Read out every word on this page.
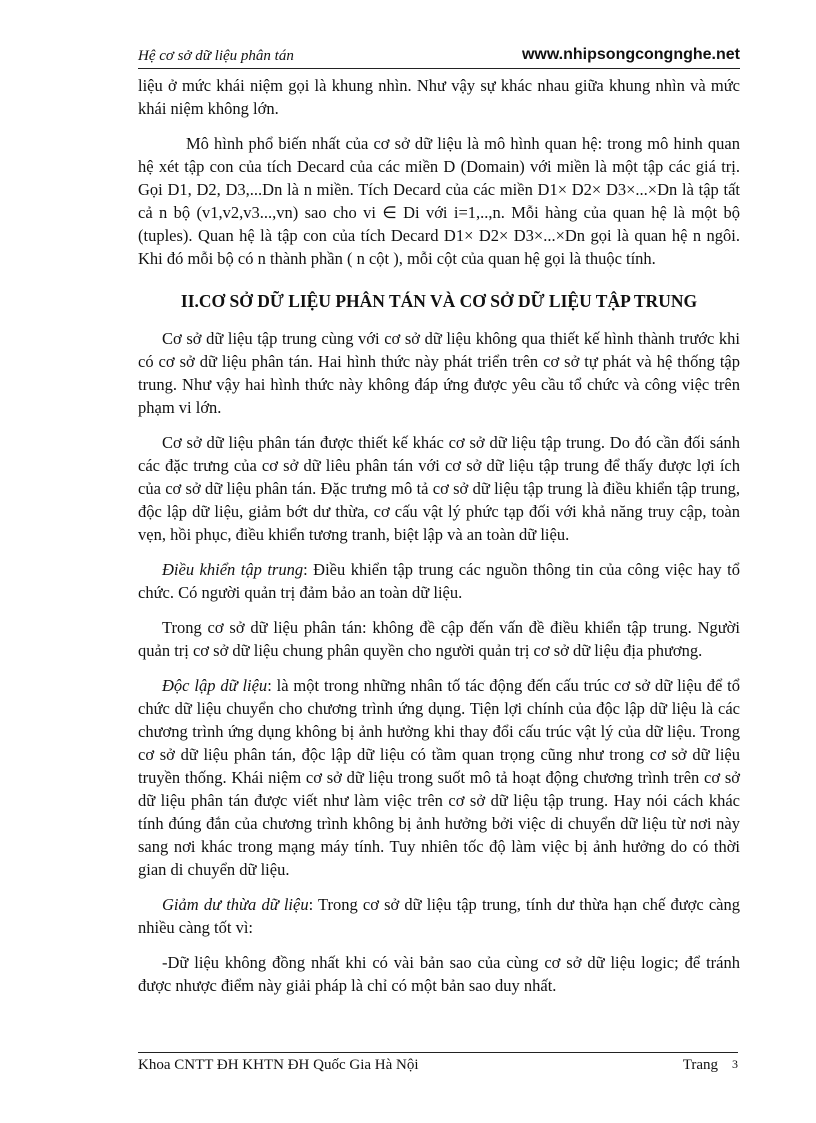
Hệ cơ sở dữ liệu phân tán	www.nhipsongcongnghe.net

liệu ở mức khái niệm gọi là khung nhìn. Như vậy sự khác nhau giữa khung nhìn và mức khái niệm không lớn.

Mô hình phổ biến nhất của cơ sở dữ liệu là mô hình quan hệ: trong mô hinh quan hệ xét tập con của tích Decard của các miền D (Domain) với miền là một tập các giá trị. Gọi D1, D2, D3,...Dn là n miền. Tích Decard của các miền D1× D2× D3×...×Dn là tập tất cả n bộ (v1,v2,v3...,vn) sao cho vi ∈ Di với i=1,..,n. Mỗi hàng của quan hệ là một bộ (tuples). Quan hệ là tập con của tích Decard D1× D2× D3×...×Dn gọi là quan hệ n ngôi. Khi đó mỗi bộ có n thành phần ( n cột ), mỗi cột của quan hệ gọi là thuộc tính.

II.CƠ SỞ DỮ LIỆU PHÂN TÁN VÀ CƠ SỞ DỮ LIỆU TẬP TRUNG

Cơ sở dữ liệu tập trung cùng với cơ sở dữ liệu không qua thiết kế hình thành trước khi có cơ sở dữ liệu phân tán. Hai hình thức này phát triển trên cơ sở tự phát và hệ thống tập trung. Như vậy hai hình thức này không đáp ứng được yêu cầu tổ chức và công việc trên phạm vi lớn.

Cơ sở dữ liệu phân tán được thiết kế khác cơ sở dữ liệu tập trung. Do đó cần đối sánh các đặc trưng của cơ sở dữ liêu phân tán với cơ sở dữ liệu tập trung để thấy được lợi ích của cơ sở dữ liệu phân tán. Đặc trưng mô tả cơ sở dữ liệu tập trung là điều khiển tập trung, độc lập dữ liệu, giảm bớt dư thừa, cơ cấu vật lý phức tạp đối với khả năng truy cập, toàn vẹn, hồi phục, điều khiển tương tranh, biệt lập và an toàn dữ liệu.

Điều khiển tập trung: Điều khiển tập trung các nguồn thông tin của công việc hay tổ chức. Có người quản trị đảm bảo an toàn dữ liệu.

Trong cơ sở dữ liệu phân tán: không đề cập đến vấn đề điều khiển tập trung. Người quản trị cơ sở dữ liệu chung phân quyền cho người quản trị cơ sở dữ liệu địa phương.

Độc lập dữ liệu: là một trong những nhân tố tác động đến cấu trúc cơ sở dữ liệu để tổ chức dữ liệu chuyển cho chương trình ứng dụng. Tiện lợi chính của độc lập dữ liệu là các chương trình ứng dụng không bị ảnh hưởng khi thay đổi cấu trúc vật lý của dữ liệu. Trong cơ sở dữ liệu phân tán, độc lập dữ liệu có tầm quan trọng cũng như trong cơ sở dữ liệu truyền thống. Khái niệm cơ sở dữ liệu trong suốt mô tả hoạt động chương trình trên cơ sở dữ liệu phân tán được viết như làm việc trên cơ sở dữ liệu tập trung. Hay nói cách khác tính đúng đắn của chương trình không bị ảnh hưởng bởi việc di chuyển dữ liệu từ nơi này sang nơi khác trong mạng máy tính. Tuy nhiên tốc độ làm việc bị ảnh hưởng do có thời gian di chuyển dữ liệu.

Giảm dư thừa dữ liệu: Trong cơ sở dữ liệu tập trung, tính dư thừa hạn chế được càng nhiều càng tốt vì:

-Dữ liệu không đồng nhất khi có vài bản sao của cùng cơ sở dữ liệu logic; để tránh được nhược điểm này giải pháp là chỉ có một bản sao duy nhất.

Khoa CNTT ĐH KHTN ĐH Quốc Gia Hà Nội	Trang 3
